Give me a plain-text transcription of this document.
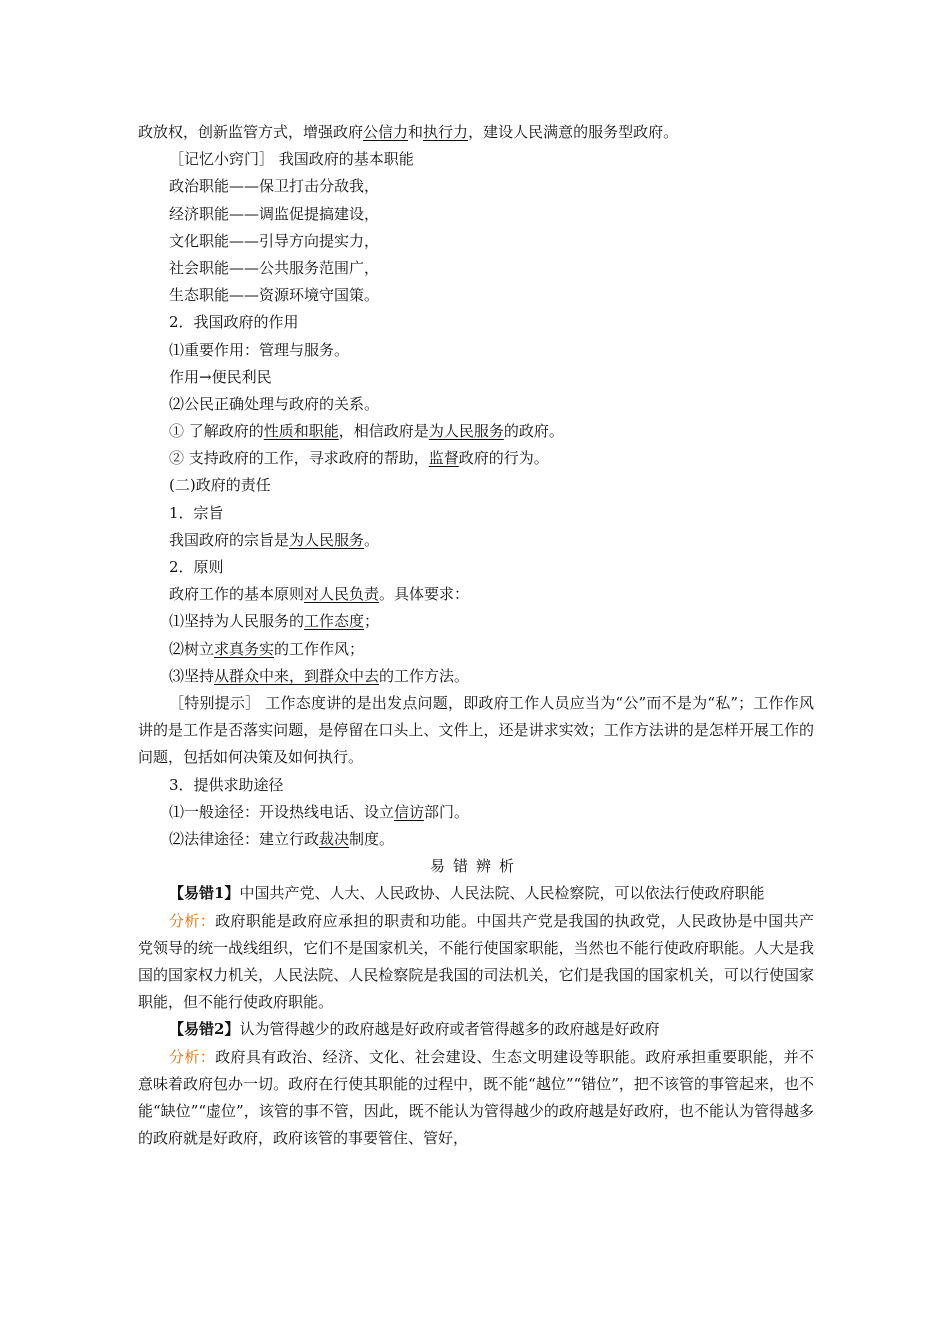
政放权，创新监管方式，增强政府公信力和执行力，建设人民满意的服务型政府。
［记忆小窍门］ 我国政府的基本职能
政治职能——保卫打击分敌我，
经济职能——调监促提搞建设，
文化职能——引导方向提实力，
社会职能——公共服务范围广，
生态职能——资源环境守国策。
2．我国政府的作用
⑴重要作用：管理与服务。
作用→便民利民
⑵公民正确处理与政府的关系。
① 了解政府的性质和职能，相信政府是为人民服务的政府。
② 支持政府的工作，寻求政府的帮助，监督政府的行为。
(二)政府的责任
1．宗旨
我国政府的宗旨是为人民服务。
2．原则
政府工作的基本原则对人民负责。具体要求：
⑴坚持为人民服务的工作态度；
⑵树立求真务实的工作作风；
⑶坚持从群众中来，到群众中去的工作方法。
［特别提示］ 工作态度讲的是出发点问题，即政府工作人员应当为“公”而不是为“私”；工作作风讲的是工作是否落实问题，是停留在口头上、文件上，还是讲求实效；工作方法讲的是怎样开展工作的问题，包括如何决策及如何执行。
3．提供求助途径
⑴一般途径：开设热线电话、设立信访部门。
⑵法律途径：建立行政裁决制度。
易错辨析
【易错1】中国共产党、人大、人民政协、人民法院、人民检察院，可以依法行使政府职能
分析：政府职能是政府应承担的职责和功能。中国共产党是我国的执政党，人民政协是中国共产党领导的统一战线组织，它们不是国家机关，不能行使国家职能，当然也不能行使政府职能。人大是我国的国家权力机关，人民法院、人民检察院是我国的司法机关，它们是我国的国家机关，可以行使国家职能，但不能行使政府职能。
【易错2】认为管得越少的政府越是好政府或者管得越多的政府越是好政府
分析：政府具有政治、经济、文化、社会建设、生态文明建设等职能。政府承担重要职能，并不意味着政府包办一切。政府在行使其职能的过程中，既不能“越位”“错位”，把不该管的事管起来，也不能“缺位”“虚位”，该管的事不管，因此，既不能认为管得越少的政府越是好政府，也不能认为管得越多的政府就是好政府，政府该管的事要管住、管好，
